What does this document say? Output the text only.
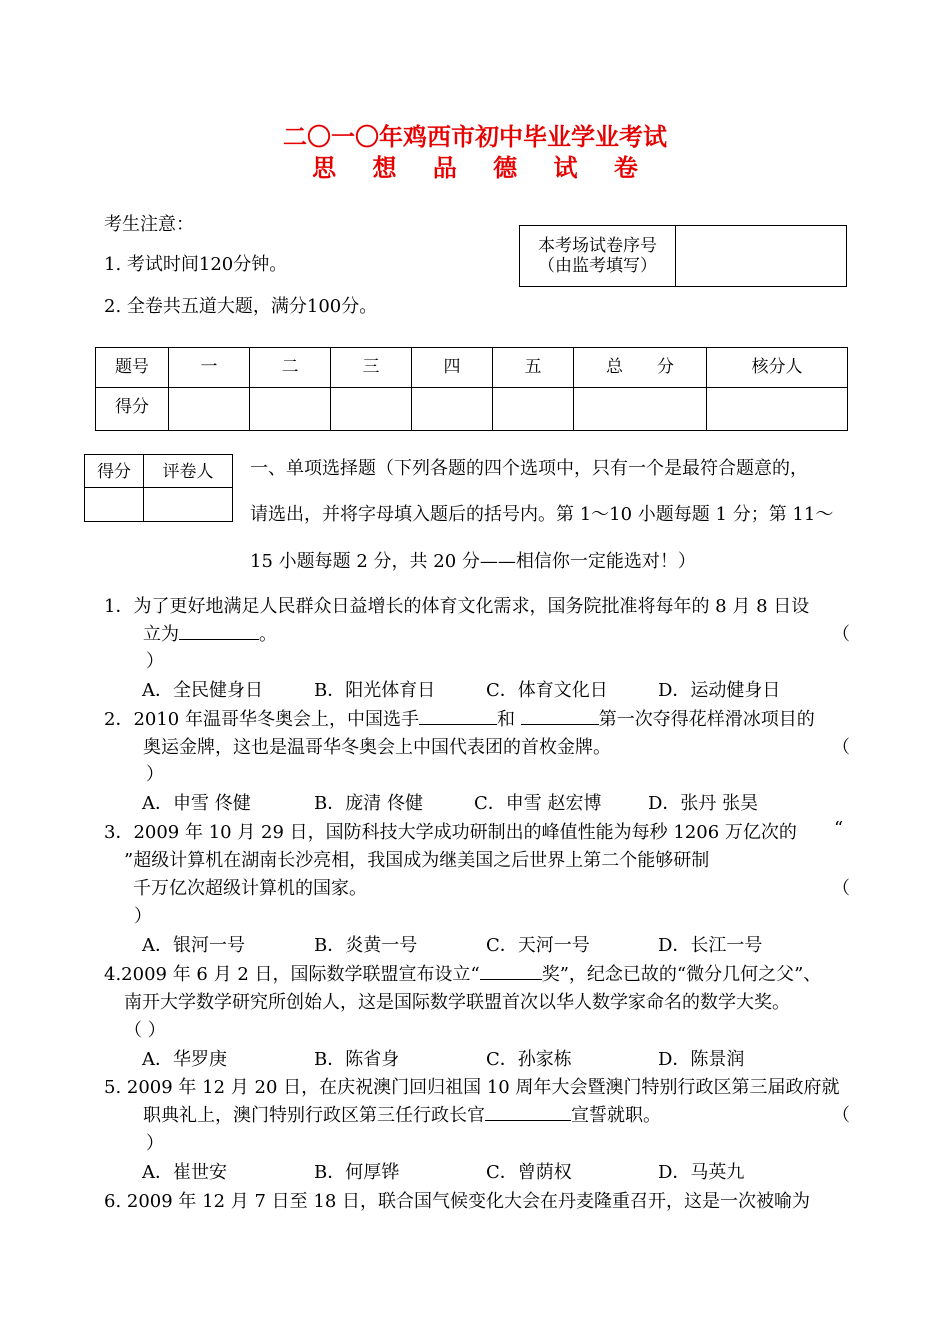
二〇一〇年鸡西市初中毕业学业考试
思 想 品 德 试 卷
考生注意：
1. 考试时间120分钟。
2. 全卷共五道大题，满分100分。
本考场试卷序号
（由监考填写）

题号	一	二	三	四	五	总　　分	核分人
得分							
得分	评卷人
	一、单项选择题（下列各题的四个选项中，只有一个是最符合题意的，
请选出，并将字母填入题后的括号内。第 1～10 小题每题 1 分；第 11～
15 小题每题 2 分，共 20 分——相信你一定能选对！）
1．为了更好地满足人民群众日益增长的体育文化需求，国务院批准将每年的 8 月 8 日设
立为	。	（
）
A．全民健身日	B．阳光体育日	C．体育文化日	D．运动健身日
2．2010 年温哥华冬奥会上，中国选手	和	第一次夺得花样滑冰项目的
奥运金牌，这也是温哥华冬奥会上中国代表团的首枚金牌。	（
）
A．申雪 佟健	B．庞清 佟健	C．申雪 赵宏博	D．张丹 张昊
3．2009 年 10 月 29 日，国防科技大学成功研制出的峰值性能为每秒 1206 万亿次的 “
”超级计算机在湖南长沙亮相，我国成为继美国之后世界上第二个能够研制
千万亿次超级计算机的国家。	（
）
A．银河一号	B．炎黄一号	C．天河一号	D．长江一号
4.2009 年 6 月 2 日，国际数学联盟宣布设立“	奖”，纪念已故的“微分几何之父”、
南开大学数学研究所创始人，这是国际数学联盟首次以华人数学家命名的数学大奖。
（ ）
A．华罗庚	B．陈省身	C．孙家栋	D．陈景润
5. 2009 年 12 月 20 日，在庆祝澳门回归祖国 10 周年大会暨澳门特别行政区第三届政府就
职典礼上，澳门特别行政区第三任行政长官	宣誓就职。	（
）
A．崔世安	B．何厚铧	C．曾荫权	D．马英九
6. 2009 年 12 月 7 日至 18 日，联合国气候变化大会在丹麦隆重召开，这是一次被喻为
